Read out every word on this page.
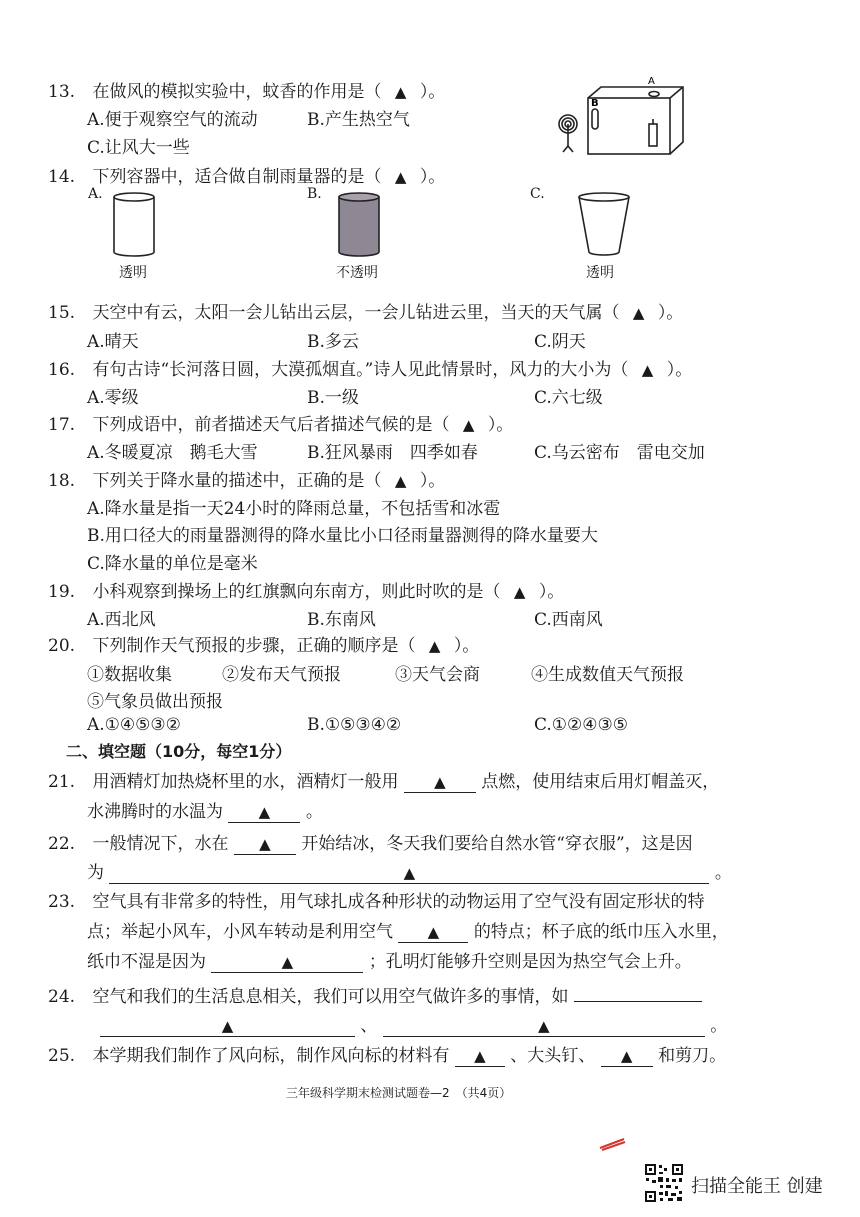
13. 在做风的模拟实验中，蚊香的作用是（ ▲ ）。
A.便于观察空气的流动	B.产生热空气
C.让风大一些
A
B
14. 下列容器中，适合做自制雨量器的是（ ▲ ）。
A.	B.	C.
透明	不透明	透明
15. 天空中有云，太阳一会儿钻出云层，一会儿钻进云里，当天的天气属（ ▲ ）。
A.晴天	B.多云	C.阴天
16. 有句古诗“长河落日圆，大漠孤烟直。”诗人见此情景时，风力的大小为（ ▲ ）。
A.零级	B.一级	C.六七级
17. 下列成语中，前者描述天气后者描述气候的是（ ▲ ）。
A.冬暖夏凉　鹅毛大雪	B.狂风暴雨　四季如春	C.乌云密布　雷电交加
18. 下列关于降水量的描述中，正确的是（ ▲ ）。
A.降水量是指一天24小时的降雨总量，不包括雪和冰雹
B.用口径大的雨量器测得的降水量比小口径雨量器测得的降水量要大
C.降水量的单位是毫米
19. 小科观察到操场上的红旗飘向东南方，则此时吹的是（ ▲ ）。
A.西北风	B.东南风	C.西南风
20. 下列制作天气预报的步骤，正确的顺序是（ ▲ ）。
①数据收集	②发布天气预报	③天气会商	④生成数值天气预报
⑤气象员做出预报
A.①④⑤③②	B.①⑤③④②	C.①②④③⑤
二、填空题（10分，每空1分）
21. 用酒精灯加热烧杯里的水，酒精灯一般用 ▲ 点燃，使用结束后用灯帽盖灭，
水沸腾时的水温为 ▲ 。
22. 一般情况下，水在 ▲ 开始结冰，冬天我们要给自然水管“穿衣服”，这是因
为	▲	。
23. 空气具有非常多的特性，用气球扎成各种形状的动物运用了空气没有固定形状的特
点；举起小风车，小风车转动是利用空气 ▲ 的特点；杯子底的纸巾压入水里，
纸巾不湿是因为	▲	；孔明灯能够升空则是因为热空气会上升。
24. 空气和我们的生活息息相关，我们可以用空气做许多的事情，如
▲	、	▲	。
25. 本学期我们制作了风向标，制作风向标的材料有 ▲ 、大头钉、 ▲ 和剪刀。
三年级科学期末检测试题卷—2　（共4页）
扫描全能王 创建
